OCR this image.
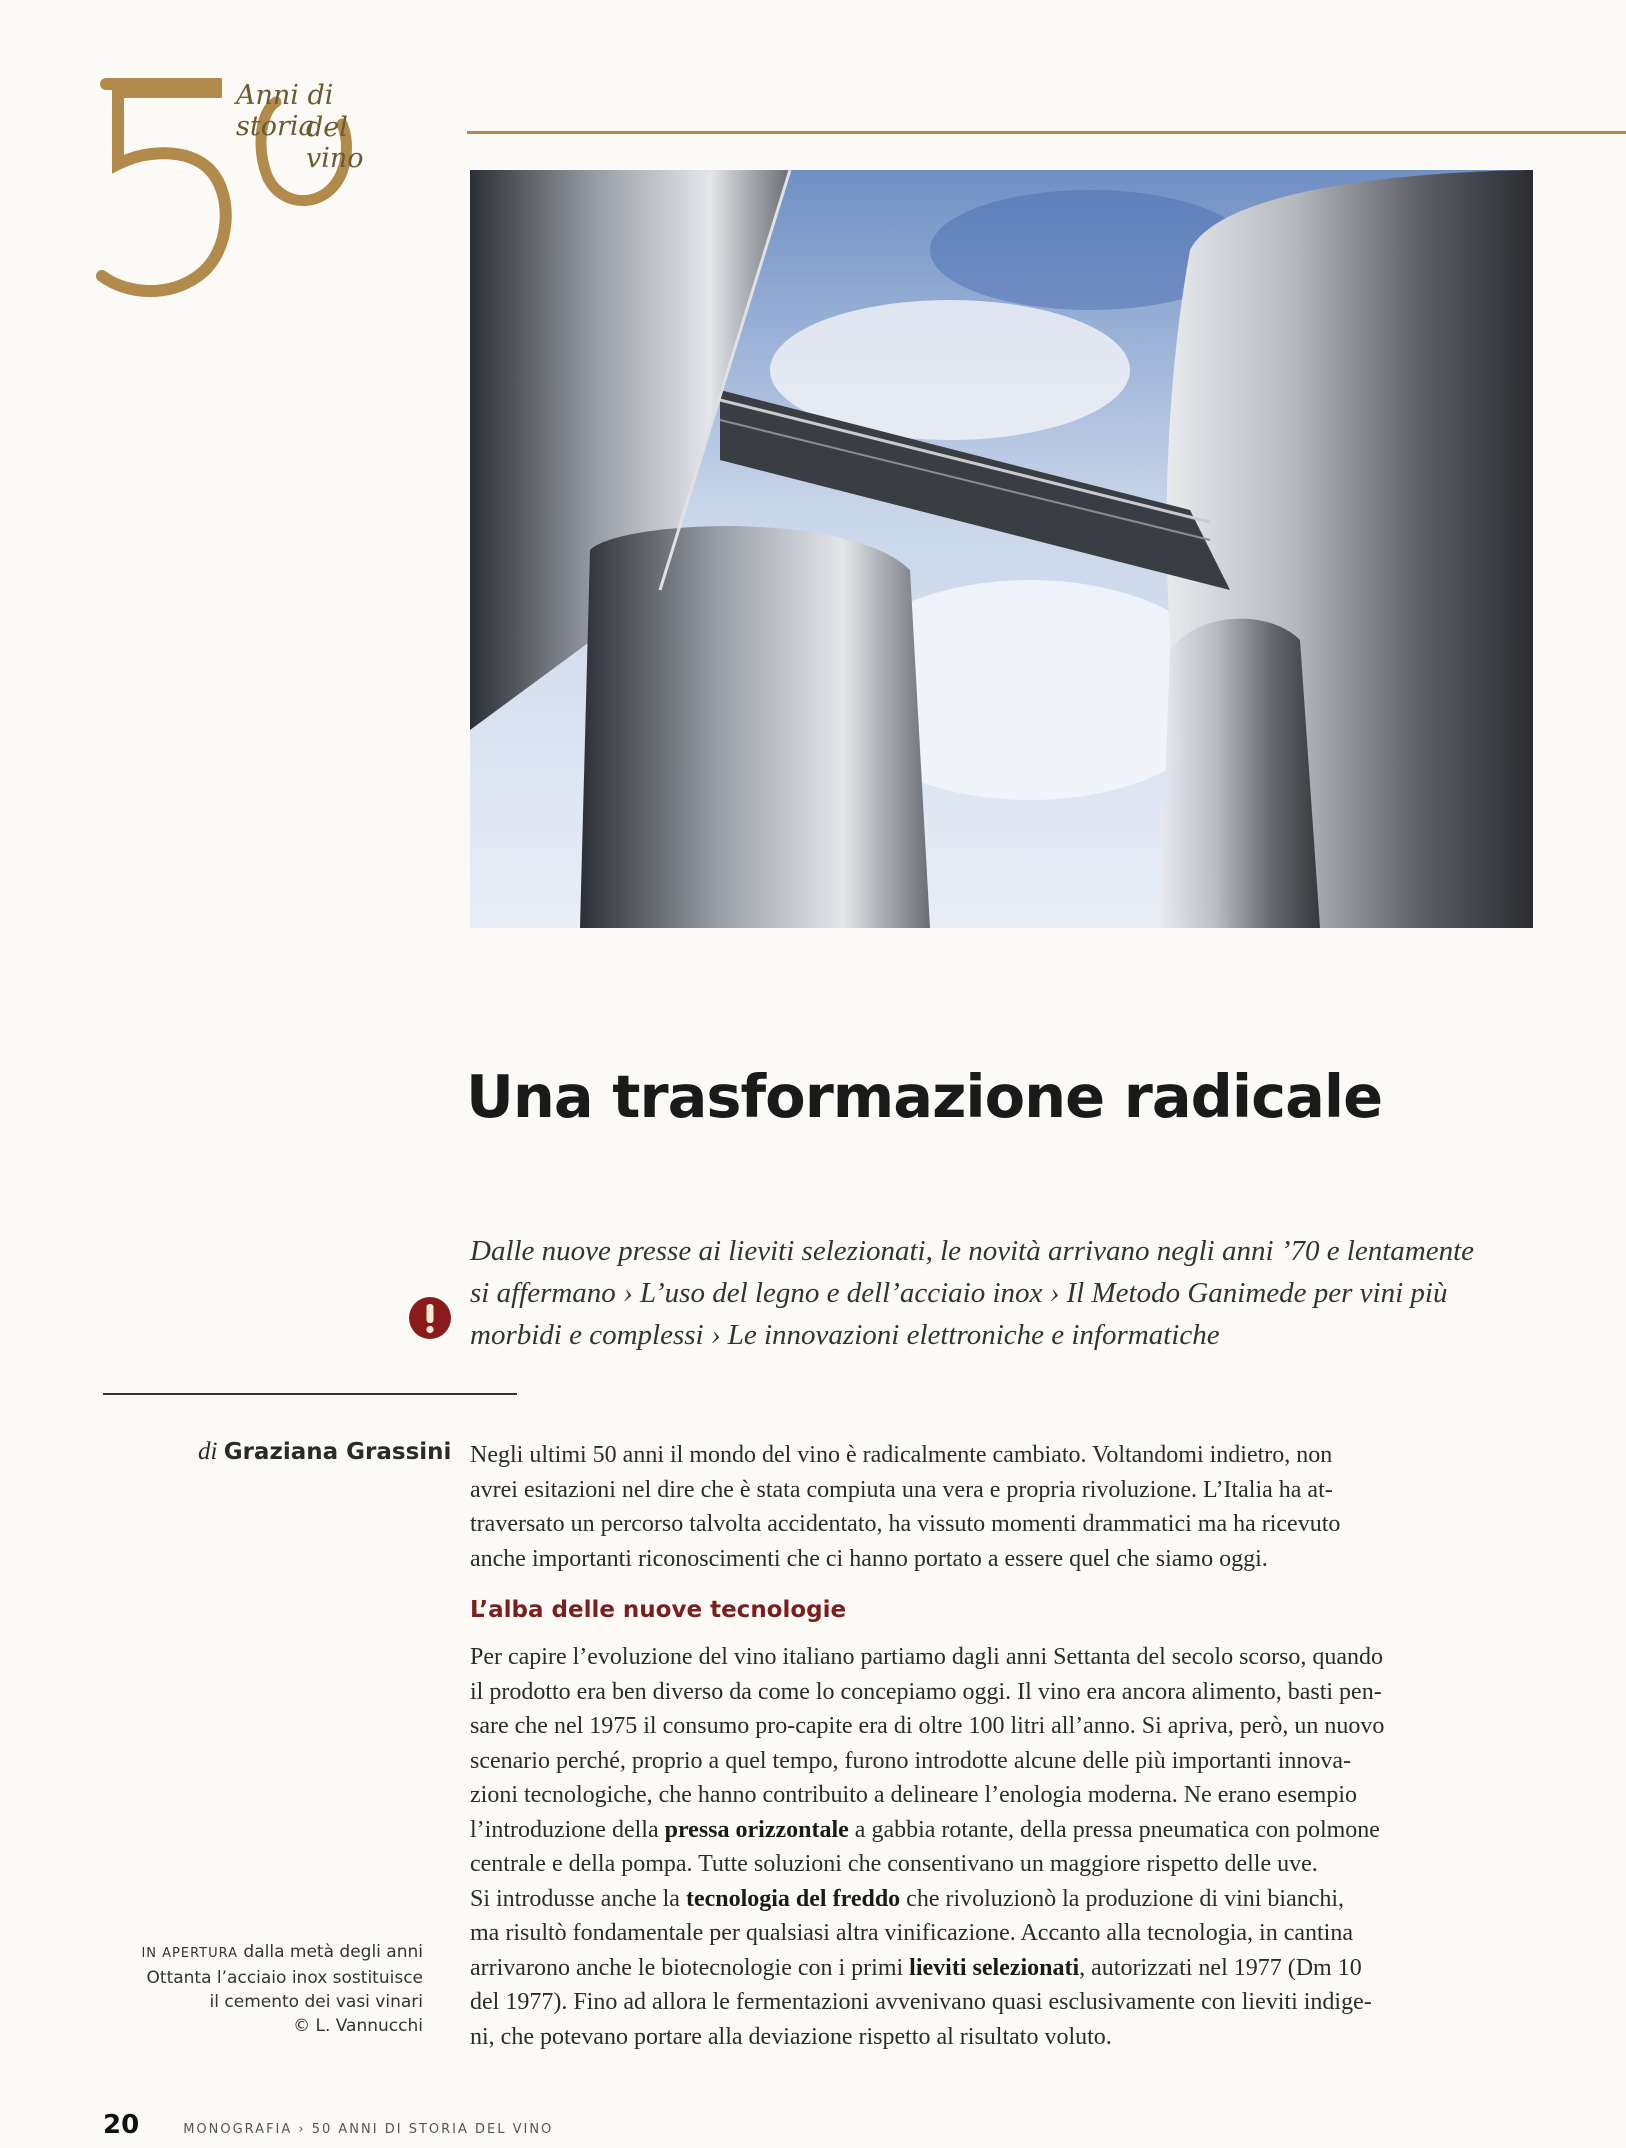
Anni di storia
del vino
Una trasformazione radicale
Dalle nuove presse ai lieviti selezionati, le novità arrivano negli anni ’70 e lentamente
si affermano › L’uso del legno e dell’acciaio inox › Il Metodo Ganimede per vini più
morbidi e complessi › Le innovazioni elettroniche e informatiche
di Graziana Grassini Negli ultimi 50 anni il mondo del vino è radicalmente cambiato. Voltandomi indietro, non
avrei esitazioni nel dire che è stata compiuta una vera e propria rivoluzione. L’Italia ha at-
traversato un percorso talvolta accidentato, ha vissuto momenti drammatici ma ha ricevuto
anche importanti riconoscimenti che ci hanno portato a essere quel che siamo oggi.
L’alba delle nuove tecnologie
Per capire l’evoluzione del vino italiano partiamo dagli anni Settanta del secolo scorso, quando
il prodotto era ben diverso da come lo concepiamo oggi. Il vino era ancora alimento, basti pen-
sare che nel 1975 il consumo pro-capite era di oltre 100 litri all’anno. Si apriva, però, un nuovo
scenario perché, proprio a quel tempo, furono introdotte alcune delle più importanti innova-
zioni tecnologiche, che hanno contribuito a delineare l’enologia moderna. Ne erano esempio
l’introduzione della pressa orizzontale a gabbia rotante, della pressa pneumatica con polmone
centrale e della pompa. Tutte soluzioni che consentivano un maggiore rispetto delle uve.
Si introdusse anche la tecnologia del freddo che rivoluzionò la produzione di vini bianchi,
ma risultò fondamentale per qualsiasi altra vinificazione. Accanto alla tecnologia, in cantina
arrivarono anche le biotecnologie con i primi lieviti selezionati, autorizzati nel 1977 (Dm 10
del 1977). Fino ad allora le fermentazioni avvenivano quasi esclusivamente con lieviti indige-
ni, che potevano portare alla deviazione rispetto al risultato voluto.
IN APERTURA dalla metà degli anni
Ottanta l’acciaio inox sostituisce
il cemento dei vasi vinari
© L. Vannucchi
20	MONOGRAFIA › 50 ANNI DI STORIA DEL VINO
